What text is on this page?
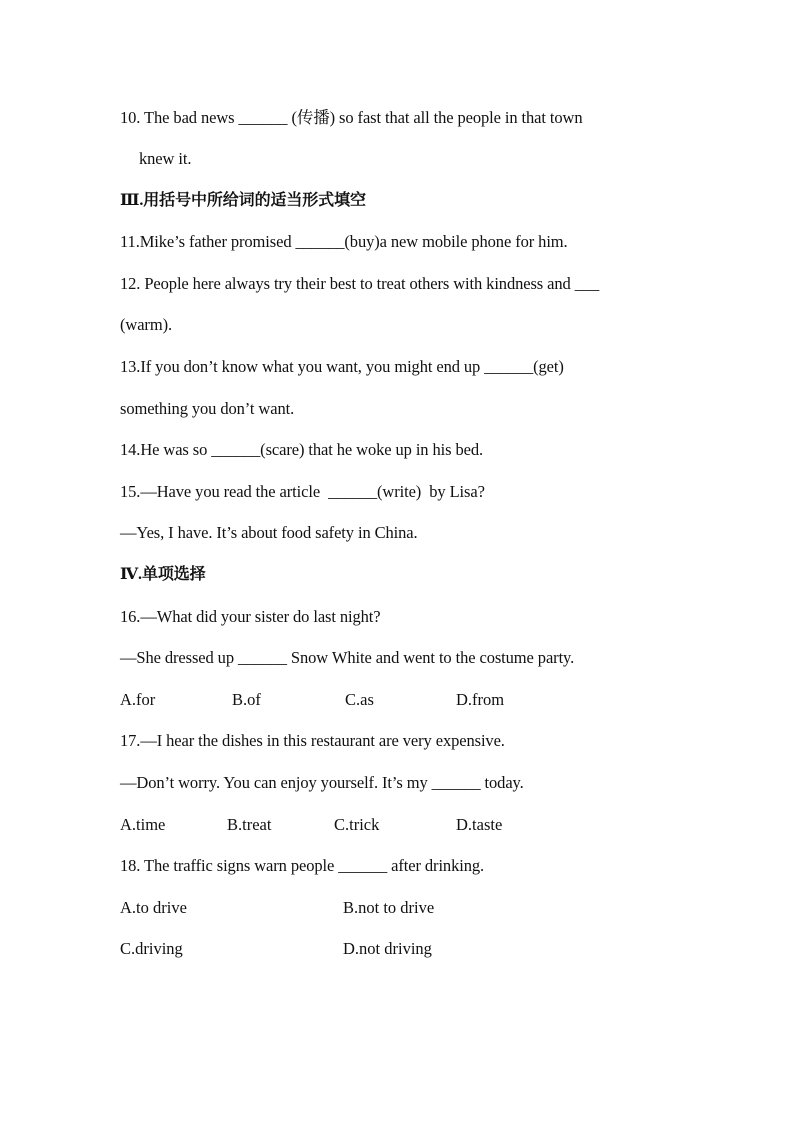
10. The bad news ______ (传播) so fast that all the people in that town
knew it.
Ⅲ.用括号中所给词的适当形式填空
11.Mike’s father promised ______(buy)a new mobile phone for him.
12. People here always try their best to treat others with kindness and ___
(warm).
13.If you don’t know what you want, you might end up ______(get)
something you don’t want.
14.He was so ______(scare) that he woke up in his bed.
15.—Have you read the article  ______(write)  by Lisa?
—Yes, I have. It’s about food safety in China.
Ⅳ.单项选择
16.—What did your sister do last night?
—She dressed up ______ Snow White and went to the costume party.
A.for	B.of	C.as	D.from
17.—I hear the dishes in this restaurant are very expensive.
—Don’t worry. You can enjoy yourself. It’s my ______ today.
A.time	B.treat	C.trick	D.taste
18. The traffic signs warn people ______ after drinking.
A.to drive	B.not to drive
C.driving	D.not driving
